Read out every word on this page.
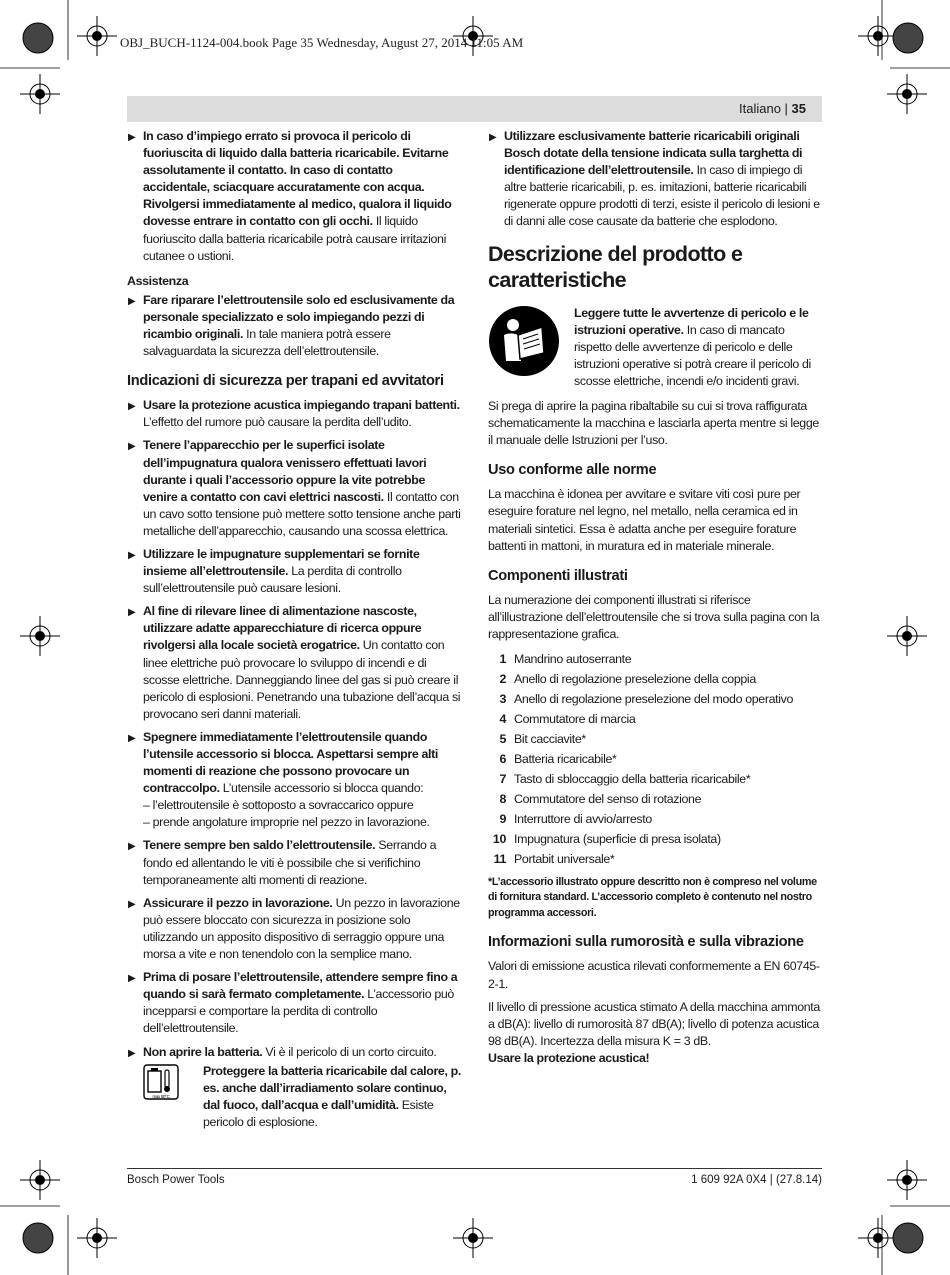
OBJ_BUCH-1124-004.book Page 35 Wednesday, August 27, 2014 11:05 AM
Italiano | 35
▶ In caso d’impiego errato si provoca il pericolo di fuoriuscita di liquido dalla batteria ricaricabile. Evitarne assolutamente il contatto. In caso di contatto accidentale, sciacquare accuratamente con acqua. Rivolgersi immediatamente al medico, qualora il liquido dovesse entrare in contatto con gli occhi. Il liquido fuoriuscito dalla batteria ricaricabile potrà causare irritazioni cutanee o ustioni.
Assistenza
▶ Fare riparare l’elettroutensile solo ed esclusivamente da personale specializzato e solo impiegando pezzi di ricambio originali. In tale maniera potrà essere salvaguardata la sicurezza dell’elettroutensile.
Indicazioni di sicurezza per trapani ed avvitatori
▶ Usare la protezione acustica impiegando trapani battenti. L’effetto del rumore può causare la perdita dell’udito.
▶ Tenere l’apparecchio per le superfici isolate dell’impugnatura qualora venissero effettuati lavori durante i quali l’accessorio oppure la vite potrebbe venire a contatto con cavi elettrici nascosti. Il contatto con un cavo sotto tensione può mettere sotto tensione anche parti metalliche dell’apparecchio, causando una scossa elettrica.
▶ Utilizzare le impugnature supplementari se fornite insieme all’elettroutensile. La perdita di controllo sull’elettroutensile può causare lesioni.
▶ Al fine di rilevare linee di alimentazione nascoste, utilizzare adatte apparecchiature di ricerca oppure rivolgersi alla locale società erogatrice. Un contatto con linee elettriche può provocare lo sviluppo di incendi e di scosse elettriche. Danneggiando linee del gas si può creare il pericolo di esplosioni. Penetrando una tubazione dell’acqua si provocano seri danni materiali.
▶ Spegnere immediatamente l’elettroutensile quando l’utensile accessorio si blocca. Aspettarsi sempre alti momenti di reazione che possono provocare un contraccolpo. L’utensile accessorio si blocca quando:
– l’elettroutensile è sottoposto a sovraccarico oppure
– prende angolature improprie nel pezzo in lavorazione.
▶ Tenere sempre ben saldo l’elettroutensile. Serrando a fondo ed allentando le viti è possibile che si verifichino temporaneamente alti momenti di reazione.
▶ Assicurare il pezzo in lavorazione. Un pezzo in lavorazione può essere bloccato con sicurezza in posizione solo utilizzando un apposito dispositivo di serraggio oppure una morsa a vite e non tenendolo con la semplice mano.
▶ Prima di posare l’elettroutensile, attendere sempre fino a quando si sarà fermato completamente. L’accessorio può incepparsi e comportare la perdita di controllo dell’elettroutensile.
▶ Non aprire la batteria. Vi è il pericolo di un corto circuito.
max 50°C
Proteggere la batteria ricaricabile dal calore, p. es. anche dall’irradiamento solare continuo, dal fuoco, dall’acqua e dall’umidità. Esiste pericolo di esplosione.
▶ Utilizzare esclusivamente batterie ricaricabili originali Bosch dotate della tensione indicata sulla targhetta di identificazione dell’elettroutensile. In caso di impiego di altre batterie ricaricabili, p. es. imitazioni, batterie ricaricabili rigenerate oppure prodotti di terzi, esiste il pericolo di lesioni e di danni alle cose causate da batterie che esplodono.
Descrizione del prodotto e caratteristiche
Leggere tutte le avvertenze di pericolo e le istruzioni operative. In caso di mancato rispetto delle avvertenze di pericolo e delle istruzioni operative si potrà creare il pericolo di scosse elettriche, incendi e/o incidenti gravi.

Si prega di aprire la pagina ribaltabile su cui si trova raffigurata schematicamente la macchina e lasciarla aperta mentre si legge il manuale delle Istruzioni per l’uso.

Uso conforme alle norme

La macchina è idonea per avvitare e svitare viti così pure per eseguire forature nel legno, nel metallo, nella ceramica ed in materiali sintetici. Essa è adatta anche per eseguire forature battenti in mattoni, in muratura ed in materiale minerale.

Componenti illustrati

La numerazione dei componenti illustrati si riferisce all’illustrazione dell’elettroutensile che si trova sulla pagina con la rappresentazione grafica.

1 Mandrino autoserrante
2 Anello di regolazione preselezione della coppia
3 Anello di regolazione preselezione del modo operativo
4 Commutatore di marcia
5 Bit cacciavite*
6 Batteria ricaricabile*
7 Tasto di sbloccaggio della batteria ricaricabile*
8 Commutatore del senso di rotazione
9 Interruttore di avvio/arresto
10 Impugnatura (superficie di presa isolata)
11 Portabit universale*
*L’accessorio illustrato oppure descritto non è compreso nel volume di fornitura standard. L’accessorio completo è contenuto nel nostro programma accessori.
Informazioni sulla rumorosità e sulla vibrazione

Valori di emissione acustica rilevati conformemente a EN 60745-2-1.

Il livello di pressione acustica stimato A della macchina ammonta a dB(A): livello di rumorosità 87 dB(A); livello di potenza acustica 98 dB(A). Incertezza della misura K = 3 dB.

Usare la protezione acustica!

Bosch Power Tools	1 609 92A 0X4 | (27.8.14)
